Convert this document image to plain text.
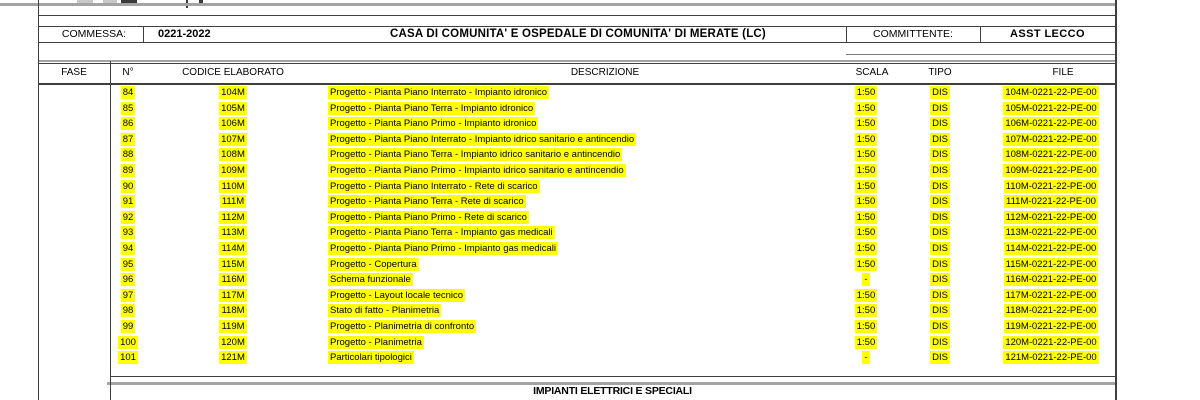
COMMESSA:	0221-2022	CASA DI COMUNITA' E OSPEDALE DI COMUNITA' DI MERATE (LC)	COMMITTENTE:	ASST LECCO
FASE	N°	CODICE ELABORATO	DESCRIZIONE	SCALA	TIPO	FILE
84	104M	Progetto - Pianta Piano Interrato - Impianto idronico	1:50	DIS	104M-0221-22-PE-00
85	105M	Progetto - Pianta Piano Terra - Impianto idronico	1:50	DIS	105M-0221-22-PE-00
86	106M	Progetto - Pianta Piano Primo - Impianto idronico	1:50	DIS	106M-0221-22-PE-00
87	107M	Progetto - Pianta Piano Interrato - Impianto idrico sanitario e antincendio	1:50	DIS	107M-0221-22-PE-00
88	108M	Progetto - Pianta Piano Terra - Impianto idrico sanitario e antincendio	1:50	DIS	108M-0221-22-PE-00
89	109M	Progetto - Pianta Piano Primo - Impianto idrico sanitario e antincendio	1:50	DIS	109M-0221-22-PE-00
90	110M	Progetto - Pianta Piano Interrato - Rete di scarico	1:50	DIS	110M-0221-22-PE-00
91	111M	Progetto - Pianta Piano Terra - Rete di scarico	1:50	DIS	111M-0221-22-PE-00
92	112M	Progetto - Pianta Piano Primo - Rete di scarico	1:50	DIS	112M-0221-22-PE-00
93	113M	Progetto - Pianta Piano Terra - Impianto gas medicali	1:50	DIS	113M-0221-22-PE-00
94	114M	Progetto - Pianta Piano Primo - Impianto gas medicali	1:50	DIS	114M-0221-22-PE-00
95	115M	Progetto - Copertura	1:50	DIS	115M-0221-22-PE-00
96	116M	Schema funzionale	-	DIS	116M-0221-22-PE-00
97	117M	Progetto - Layout locale tecnico	1:50	DIS	117M-0221-22-PE-00
98	118M	Stato di fatto - Planimetria	1:50	DIS	118M-0221-22-PE-00
99	119M	Progetto - Planimetria di confronto	1:50	DIS	119M-0221-22-PE-00
100	120M	Progetto - Planimetria	1:50	DIS	120M-0221-22-PE-00
101	121M	Particolari tipologici	-	DIS	121M-0221-22-PE-00
IMPIANTI ELETTRICI E SPECIALI
